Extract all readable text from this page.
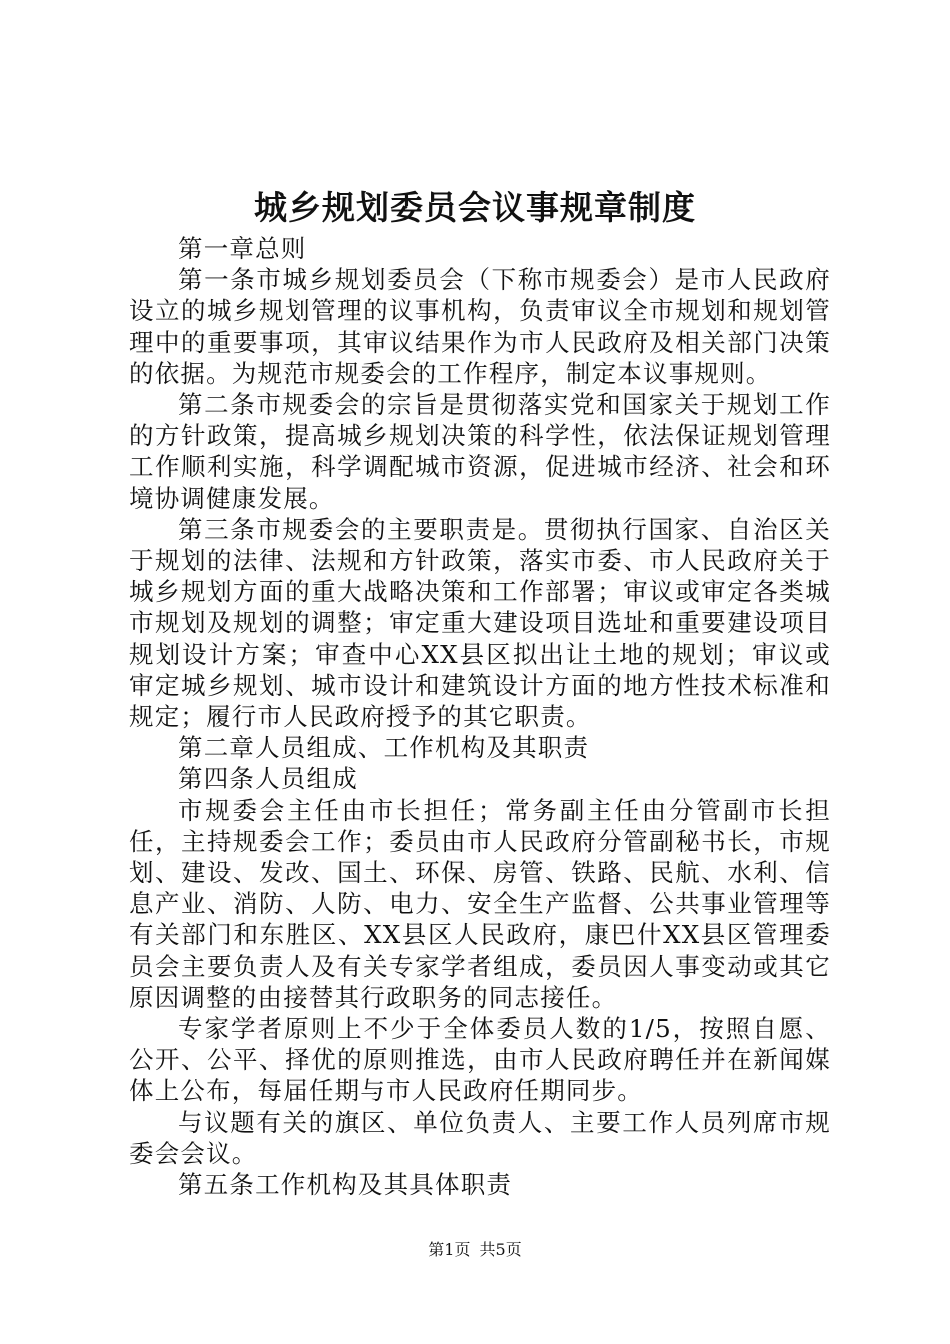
城乡规划委员会议事规章制度

第一章总则

第一条市城乡规划委员会（下称市规委会）是市人民政府设立的城乡规划管理的议事机构，负责审议全市规划和规划管理中的重要事项，其审议结果作为市人民政府及相关部门决策的依据。为规范市规委会的工作程序，制定本议事规则。

第二条市规委会的宗旨是贯彻落实党和国家关于规划工作的方针政策，提高城乡规划决策的科学性，依法保证规划管理工作顺利实施，科学调配城市资源，促进城市经济、社会和环境协调健康发展。

第三条市规委会的主要职责是。贯彻执行国家、自治区关于规划的法律、法规和方针政策，落实市委、市人民政府关于城乡规划方面的重大战略决策和工作部署；审议或审定各类城市规划及规划的调整；审定重大建设项目选址和重要建设项目规划设计方案；审查中心XX县区拟出让土地的规划；审议或审定城乡规划、城市设计和建筑设计方面的地方性技术标准和规定；履行市人民政府授予的其它职责。

第二章人员组成、工作机构及其职责

第四条人员组成

市规委会主任由市长担任；常务副主任由分管副市长担任，主持规委会工作；委员由市人民政府分管副秘书长，市规划、建设、发改、国土、环保、房管、铁路、民航、水利、信息产业、消防、人防、电力、安全生产监督、公共事业管理等有关部门和东胜区、XX县区人民政府，康巴什XX县区管理委员会主要负责人及有关专家学者组成，委员因人事变动或其它原因调整的由接替其行政职务的同志接任。

专家学者原则上不少于全体委员人数的1/5，按照自愿、公开、公平、择优的原则推选，由市人民政府聘任并在新闻媒体上公布，每届任期与市人民政府任期同步。

与议题有关的旗区、单位负责人、主要工作人员列席市规委会会议。

第五条工作机构及其具体职责

第1页 共5页
